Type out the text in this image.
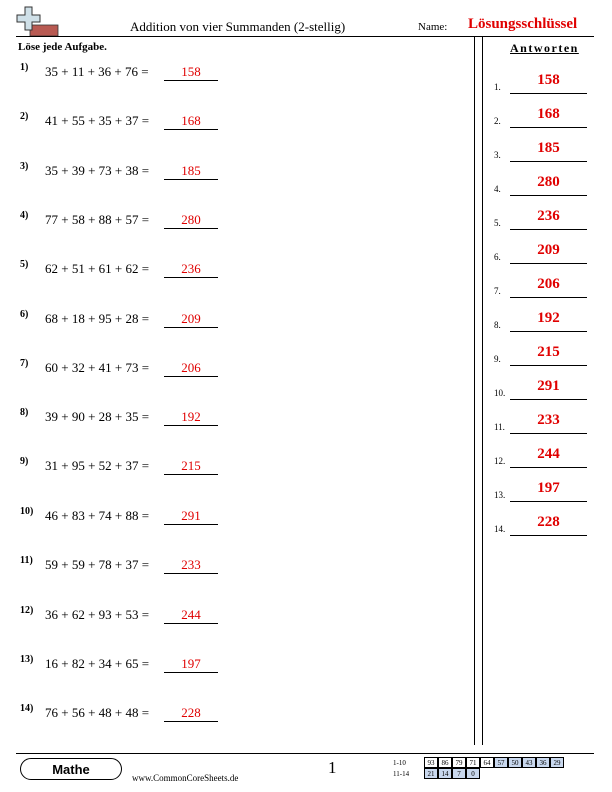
Addition von vier Summanden (2-stellig)	Name: Lösungsschlüssel
Löse jede Aufgabe.
1) 35 + 11 + 36 + 76 =	158
2) 41 + 55 + 35 + 37 =	168
3) 35 + 39 + 73 + 38 =	185
4) 77 + 58 + 88 + 57 =	280
5) 62 + 51 + 61 + 62 =	236
6) 68 + 18 + 95 + 28 =	209
7) 60 + 32 + 41 + 73 =	206
8) 39 + 90 + 28 + 35 =	192
9) 31 + 95 + 52 + 37 =	215
10) 46 + 83 + 74 + 88 =	291
11) 59 + 59 + 78 + 37 =	233
12) 36 + 62 + 93 + 53 =	244
13) 16 + 82 + 34 + 65 =	197
14) 76 + 56 + 48 + 48 =	228
Antworten
1.	158
2.	168
3.	185
4.	280
5.	236
6.	209
7.	206
8.	192
9.	215
10.	291
11.	233
12.	244
13.	197
14.	228
Mathe
www.CommonCoreSheets.de
1	1-10	93	86	79	71	64	57	50	43	36	29
11-14	21	14	7	0
